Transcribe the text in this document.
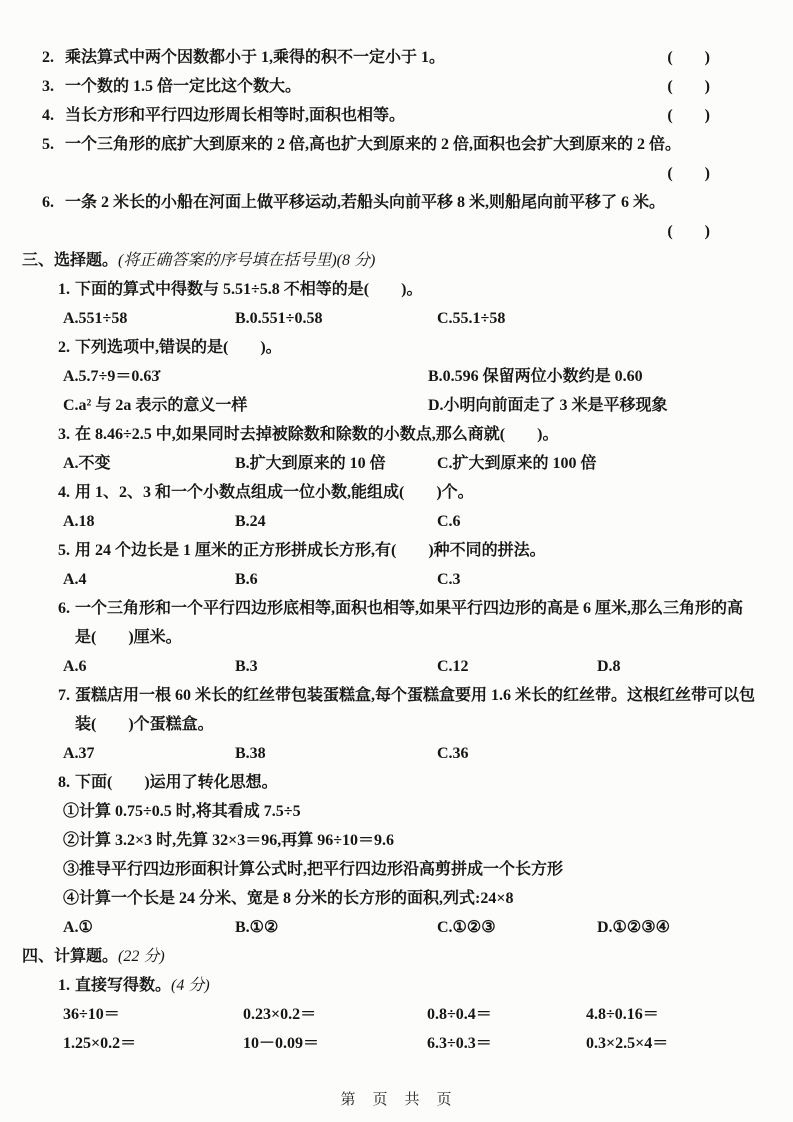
2. 乘法算式中两个因数都小于 1,乘得的积不一定小于 1。	(　　)
3. 一个数的 1.5 倍一定比这个数大。	(　　)
4. 当长方形和平行四边形周长相等时,面积也相等。	(　　)
5. 一个三角形的底扩大到原来的 2 倍,高也扩大到原来的 2 倍,面积也会扩大到原来的 2 倍。
(　　)
6. 一条 2 米长的小船在河面上做平移运动,若船头向前平移 8 米,则船尾向前平移了 6 米。
(　　)
三、选择题。(将正确答案的序号填在括号里)(8 分)
1. 下面的算式中得数与 5.51÷5.8 不相等的是(　　)。
A.551÷58	B.0.551÷0.58	C.55.1÷58
2. 下列选项中,错误的是(　　)。
A.5.7÷9＝0.63̇	B.0.596 保留两位小数约是 0.60
C.a² 与 2a 表示的意义一样	D.小明向前面走了 3 米是平移现象
3. 在 8.46÷2.5 中,如果同时去掉被除数和除数的小数点,那么商就(　　)。
A.不变	B.扩大到原来的 10 倍	C.扩大到原来的 100 倍
4. 用 1、2、3 和一个小数点组成一位小数,能组成(　　)个。
A.18	B.24	C.6
5. 用 24 个边长是 1 厘米的正方形拼成长方形,有(　　)种不同的拼法。
A.4	B.6	C.3
6. 一个三角形和一个平行四边形底相等,面积也相等,如果平行四边形的高是 6 厘米,那么三角形的高是(　　)厘米。
A.6	B.3	C.12	D.8
7. 蛋糕店用一根 60 米长的红丝带包装蛋糕盒,每个蛋糕盒要用 1.6 米长的红丝带。这根红丝带可以包装(　　)个蛋糕盒。
A.37	B.38	C.36
8. 下面(　　)运用了转化思想。
①计算 0.75÷0.5 时,将其看成 7.5÷5
②计算 3.2×3 时,先算 32×3＝96,再算 96÷10＝9.6
③推导平行四边形面积计算公式时,把平行四边形沿高剪拼成一个长方形
④计算一个长是 24 分米、宽是 8 分米的长方形的面积,列式:24×8
A.①	B.①②	C.①②③	D.①②③④
四、计算题。(22 分)
1. 直接写得数。(4 分)
36÷10＝	0.23×0.2＝	0.8÷0.4＝	4.8÷0.16＝
1.25×0.2＝	10－0.09＝	6.3÷0.3＝	0.3×2.5×4＝
第　页　共　页
